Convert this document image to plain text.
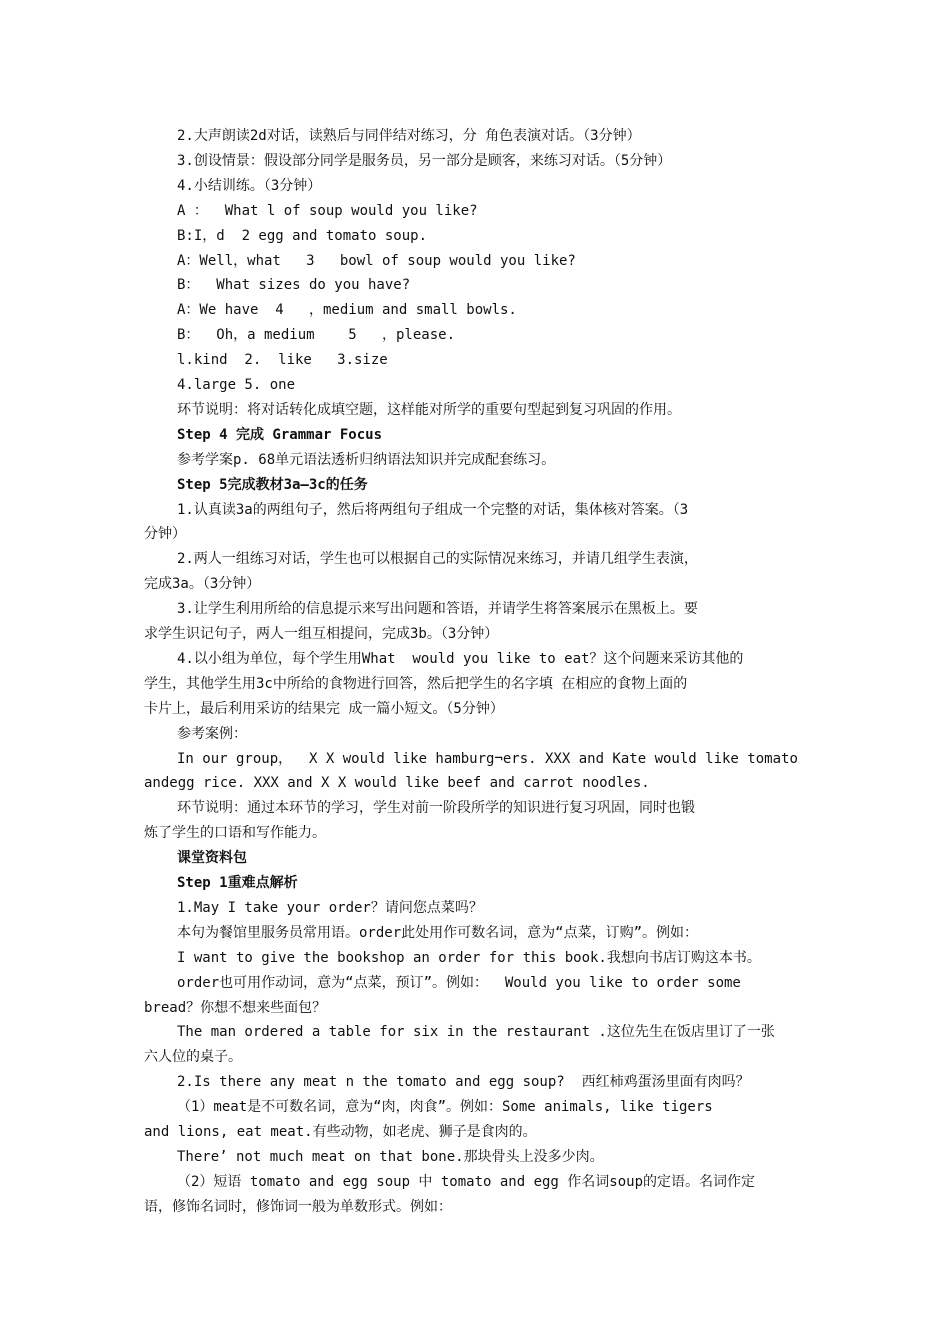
2.大声朗读2d对话，读熟后与同伴结对练习，分 角色表演对话。（3分钟）
3.创设情景：假设部分同学是服务员，另一部分是顾客，来练习对话。（5分钟）
4.小结训练。（3分钟）
A ：  What l of soup would you like?
B:I，d  2 egg and tomato soup.
A：Well，what   3   bowl of soup would you like?
B：  What sizes do you have?
A：We have  4   ，medium and small bowls.
B：  Oh，a medium    5   ，please.
l.kind  2.  like   3.size
4.large 5. one
环节说明：将对话转化成填空题，这样能对所学的重要句型起到复习巩固的作用。
Step 4 完成 Grammar Focus
参考学案p. 68单元语法透析归纳语法知识并完成配套练习。
Step 5完成教材3a—3c的任务
1.认真读3a的两组句子，然后将两组句子组成一个完整的对话，集体核对答案。（3
分钟）
2.两人一组练习对话，学生也可以根据自己的实际情况来练习，并请几组学生表演，
完成3a。（3分钟）
3.让学生利用所给的信息提示来写出问题和答语，并请学生将答案展示在黑板上。要
求学生识记句子，两人一组互相提问，完成3b。（3分钟）
4.以小组为单位，每个学生用What  would you like to eat？这个问题来采访其他的
学生，其他学生用3c中所给的食物进行回答，然后把学生的名字填 在相应的食物上面的
卡片上，最后利用采访的结果完 成一篇小短文。（5分钟）
参考案例：
In our group，  X X would like hamburg¬ers. XXX and Kate would like tomato
andegg rice. XXX and X X would like beef and carrot noodles.
环节说明：通过本环节的学习，学生对前一阶段所学的知识进行复习巩固，同时也锻
炼了学生的口语和写作能力。
课堂资料包
Step 1重难点解析
1.May I take your order？请问您点菜吗？
本句为餐馆里服务员常用语。order此处用作可数名词，意为“点菜，订购”。例如：
I want to give the bookshop an order for this book.我想向书店订购这本书。
order也可用作动词，意为“点菜，预订”。例如：  Would you like to order some
bread？你想不想来些面包？
The man ordered a table for six in the restaurant .这位先生在饭店里订了一张
六人位的桌子。
2.Is there any meat n the tomato and egg soup?  西红柿鸡蛋汤里面有肉吗？
（1）meat是不可数名词，意为“肉，肉食”。例如：Some animals, like tigers
and lions, eat meat.有些动物，如老虎、狮子是食肉的。
There’ not much meat on that bone.那块骨头上没多少肉。
（2）短语 tomato and egg soup 中 tomato and egg 作名词soup的定语。名词作定
语，修饰名词时，修饰词一般为单数形式。例如：
